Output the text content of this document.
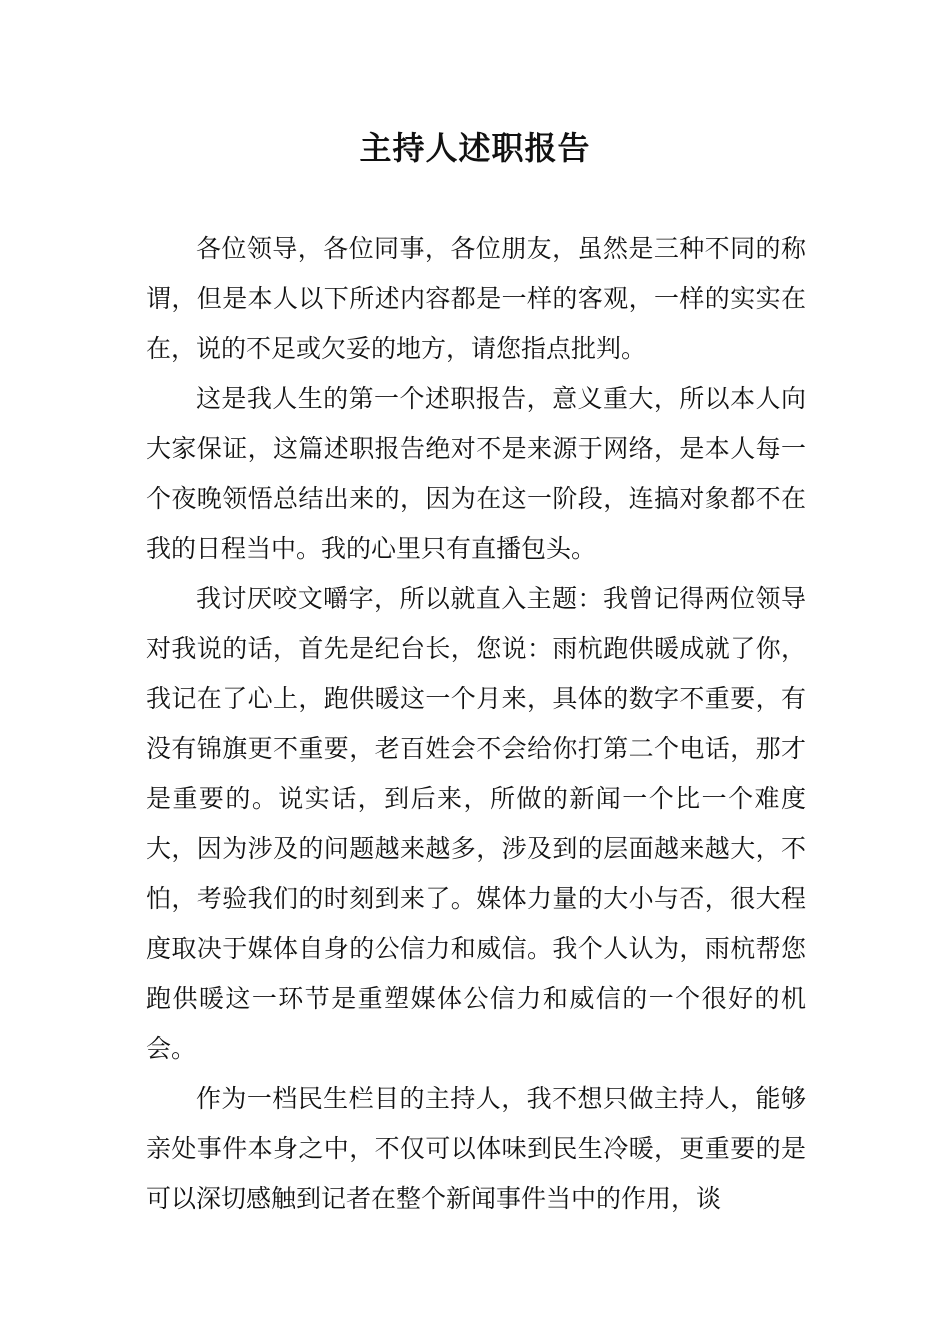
主持人述职报告

各位领导，各位同事，各位朋友，虽然是三种不同的称谓，但是本人以下所述内容都是一样的客观，一样的实实在在，说的不足或欠妥的地方，请您指点批判。

这是我人生的第一个述职报告，意义重大，所以本人向大家保证，这篇述职报告绝对不是来源于网络，是本人每一个夜晚领悟总结出来的，因为在这一阶段，连搞对象都不在我的日程当中。我的心里只有直播包头。

我讨厌咬文嚼字，所以就直入主题：我曾记得两位领导对我说的话，首先是纪台长，您说：雨杭跑供暖成就了你，我记在了心上，跑供暖这一个月来，具体的数字不重要，有没有锦旗更不重要，老百姓会不会给你打第二个电话，那才是重要的。说实话，到后来，所做的新闻一个比一个难度大，因为涉及的问题越来越多，涉及到的层面越来越大，不怕，考验我们的时刻到来了。媒体力量的大小与否，很大程度取决于媒体自身的公信力和威信。我个人认为，雨杭帮您跑供暖这一环节是重塑媒体公信力和威信的一个很好的机会。

作为一档民生栏目的主持人，我不想只做主持人，能够亲处事件本身之中，不仅可以体味到民生冷暖，更重要的是可以深切感触到记者在整个新闻事件当中的作用，谈
